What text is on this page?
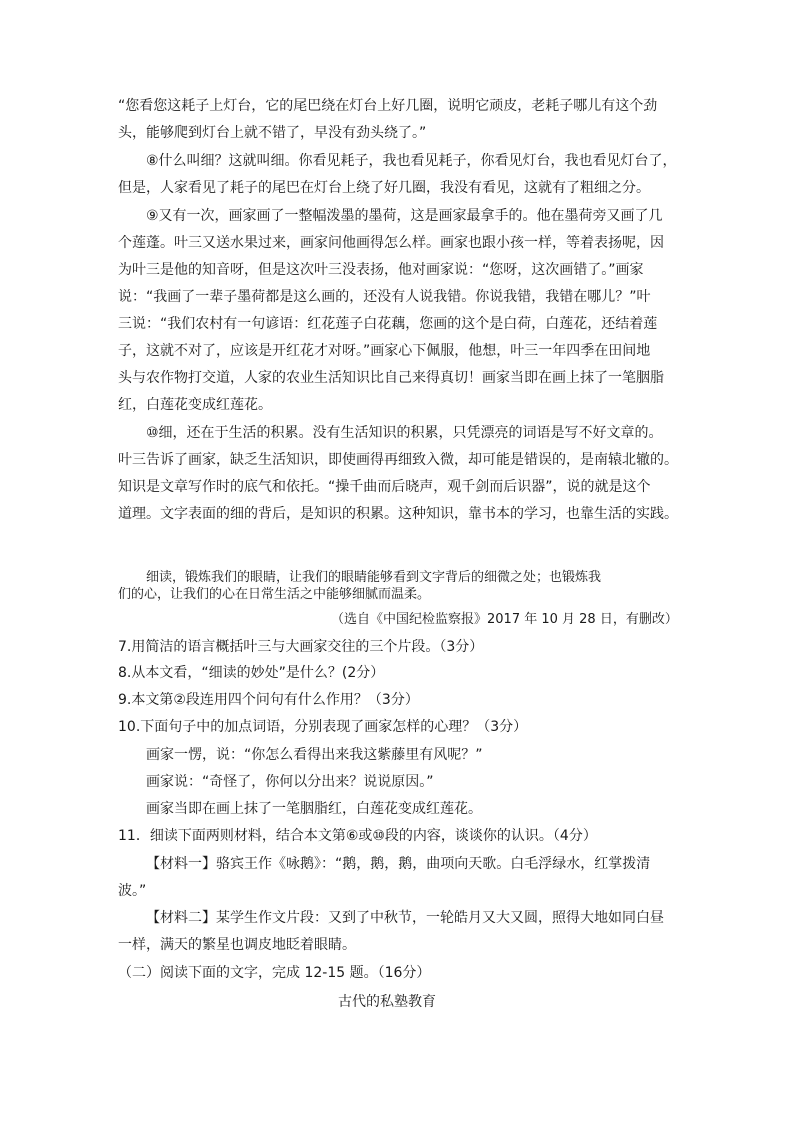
“您看您这耗子上灯台，它的尾巴绕在灯台上好几圈，说明它顽皮，老耗子哪儿有这个劲
头，能够爬到灯台上就不错了，早没有劲头绕了。”
⑧什么叫细？这就叫细。你看见耗子，我也看见耗子，你看见灯台，我也看见灯台了，
但是，人家看见了耗子的尾巴在灯台上绕了好几圈，我没有看见，这就有了粗细之分。
⑨又有一次，画家画了一整幅泼墨的墨荷，这是画家最拿手的。他在墨荷旁又画了几
个莲蓬。叶三又送水果过来，画家问他画得怎么样。画家也跟小孩一样，等着表扬呢，因
为叶三是他的知音呀，但是这次叶三没表扬，他对画家说：“您呀，这次画错了。”画家
说：“我画了一辈子墨荷都是这么画的，还没有人说我错。你说我错，我错在哪儿？”叶
三说：“我们农村有一句谚语：红花莲子白花藕，您画的这个是白荷，白莲花，还结着莲
子，这就不对了，应该是开红花才对呀。”画家心下佩服，他想，叶三一年四季在田间地
头与农作物打交道，人家的农业生活知识比自己来得真切！画家当即在画上抹了一笔胭脂
红，白莲花变成红莲花。
⑩细，还在于生活的积累。没有生活知识的积累，只凭漂亮的词语是写不好文章的。
叶三告诉了画家，缺乏生活知识，即使画得再细致入微，却可能是错误的，是南辕北辙的。
知识是文章写作时的底气和依托。“操千曲而后晓声，观千剑而后识器”，说的就是这个
道理。文字表面的细的背后，是知识的积累。这种知识，靠书本的学习，也靠生活的实践。
细读，锻炼我们的眼睛，让我们的眼睛能够看到文字背后的细微之处；也锻炼我
们的心，让我们的心在日常生活之中能够细腻而温柔。
（选自《中国纪检监察报》2017 年 10 月 28 日，有删改）
7.用简洁的语言概括叶三与大画家交往的三个片段。（3分）
8.从本文看，“细读的妙处”是什么？(2分）
9.本文第②段连用四个问句有什么作用？（3分）
10.下面句子中的加点词语，分别表现了画家怎样的心理？（3分）
画家一愣，说：“你怎么看得出来我这紫藤里有风呢？”
画家说：“奇怪了，你何以分出来？说说原因。”
画家当即在画上抹了一笔胭脂红，白莲花变成红莲花。
11．细读下面两则材料，结合本文第⑥或⑩段的内容，谈谈你的认识。（4分）
【材料一】骆宾王作《咏鹅》：“鹅，鹅，鹅，曲项向天歌。白毛浮绿水，红掌拨清
波。”
【材料二】某学生作文片段：又到了中秋节，一轮皓月又大又圆，照得大地如同白昼
一样，满天的繁星也调皮地眨着眼睛。
（二）阅读下面的文字，完成 12-15 题。（16分）
古代的私塾教育
